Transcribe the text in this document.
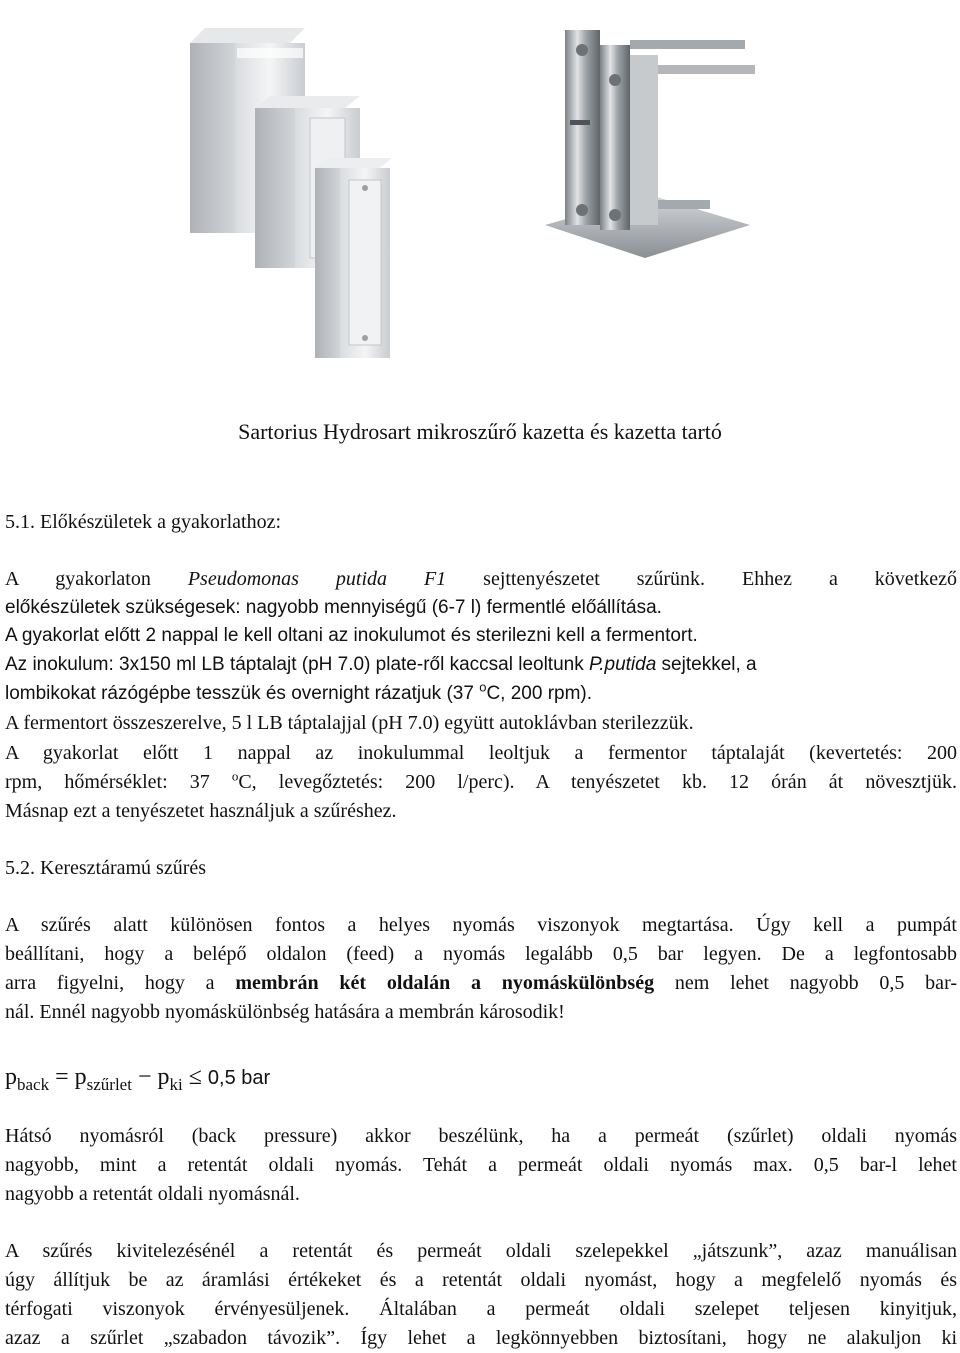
Sartorius Hydrosart mikroszűrő kazetta és kazetta tartó
5.1. Előkészületek a gyakorlathoz:
A gyakorlaton Pseudomonas putida F1 sejttenyészetet szűrünk. Ehhez a következő
előkészületek szükségesek: nagyobb mennyiségű (6-7 l) fermentlé előállítása.
A gyakorlat előtt 2 nappal le kell oltani az inokulumot és sterilezni kell a fermentort.
Az inokulum: 3x150 ml LB táptalajt (pH 7.0) plate-ről kaccsal leoltunk P.putida sejtekkel, a
lombikokat rázógépbe tesszük és overnight rázatjuk (37 $^o$C, 200 rpm).
A fermentort összeszerelve, 5 l LB táptalajjal (pH 7.0) együtt autoklávban sterilezzük.
A gyakorlat előtt 1 nappal az inokulummal leoltjuk a fermentor táptalaját (kevertetés: 200
rpm, hőmérséklet: 37 $^o$C, levegőztetés: 200 l/perc). A tenyészetet kb. 12 órán át növesztjük.
Másnap ezt a tenyészetet használjuk a szűréshez.
5.2. Keresztáramú szűrés
A szűrés alatt különösen fontos a helyes nyomás viszonyok megtartása. Úgy kell a pumpát
beállítani, hogy a belépő oldalon (feed) a nyomás legalább 0,5 bar legyen. De a legfontosabb
arra figyelni, hogy a membrán két oldalán a nyomáskülönbség nem lehet nagyobb 0,5 bar-
nál. Ennél nagyobb nyomáskülönbség hatására a membrán károsodik!
$p_{back} = p_{szűrlet} - p_{ki} \le 0,5$ bar
Hátsó nyomásról (back pressure) akkor beszélünk, ha a permeát (szűrlet) oldali nyomás
nagyobb, mint a retentát oldali nyomás. Tehát a permeát oldali nyomás max. 0,5 bar-l lehet
nagyobb a retentát oldali nyomásnál.
A szűrés kivitelezésénél a retentát és permeát oldali szelepekkel „játszunk”, azaz manuálisan
úgy állítjuk be az áramlási értékeket és a retentát oldali nyomást, hogy a megfelelő nyomás és
térfogati viszonyok érvényesüljenek. Általában a permeát oldali szelepet teljesen kinyitjuk,
azaz a szűrlet „szabadon távozik”. Így lehet a legkönnyebben biztosítani, hogy ne alakuljon ki
